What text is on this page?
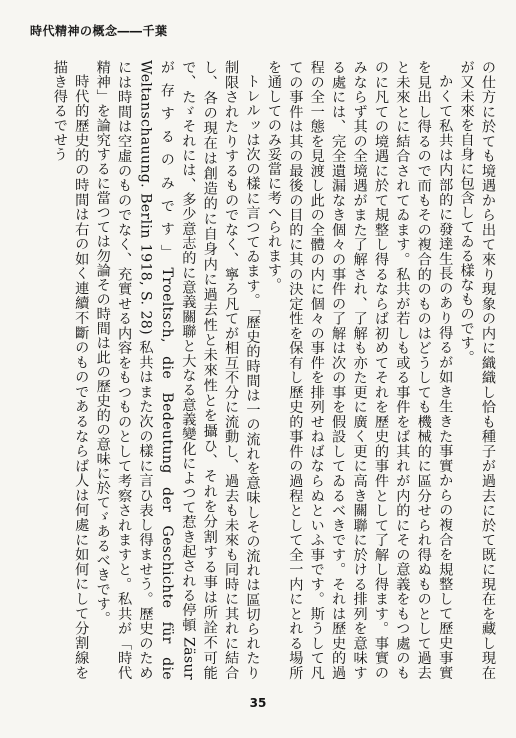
時代精神の概念――千葉

の仕方に於ても境遇から出て來り現象の内に織織し恰も種子が過去に於て既に現在を藏し現在が又未來を自身に包含してゐる樣なものです。

かくて私共は内部的に發達生長のあり得るが如き生きた事實からの複合を規整して歷史事實を見出し得るので而もその複合的のものはどうしても機械的に區分せられ得ぬものとして過去と未來とに結合されてゐます。私共が若しも或る事件をば其れが内的にその意義をもつ處のものに凡ての境遇に於て規整し得るならば初めてそれを歷史的事件として了解し得ます。事實のみならず其の全境遇がまた了解され、了解も亦た更に廣く更に高き關聯に於ける排列を意味する處には、完全遺漏なき個々の事件の了解は次の事を假設してゐるべきです。それは歷史的過程の全一態を見渡し此の全體の内に個々の事件を排列せねばならぬといふ事です。斯うして凡ての事件は其の最後の目的に其の決定性を保有し歷史的事件の過程として全一内にとれる場所を通してのみ妥當に考へられます。

トレルッは次の樣に言つてゐます。「歷史的時間は一の流れを意味しその流れは區切られたり制限されたりするものでなく、寧ろ凡てが相互不分に流動し、過去も未來も同時に其れに結合し、各の現在は創造的に自身内に過去性と未來性とを攝ひ、それを分割する事は所詮不可能で、たゞそれには、多少意志的に意義關聯と大なる意義變化によつて惹き起される停頓 Zäsur が存するのみです」Troeltsch, die Bedeutung der Geschichte für die Weltanschauung. Berlin 1918, S. 28) 私共はまた次の樣に言ひ表し得ませう。歷史のためには時間は空虛のものでなく、充實せる内容をもつものとして考察されますと。私共が「時代精神」を論究するに當つては勿論その時間は此の歷史的の意味に於てゞあるべきです。

時代的歷史的の時間は右の如く連續不斷のものであるならば人は何處に如何にして分割線を描き得るでせう

35
